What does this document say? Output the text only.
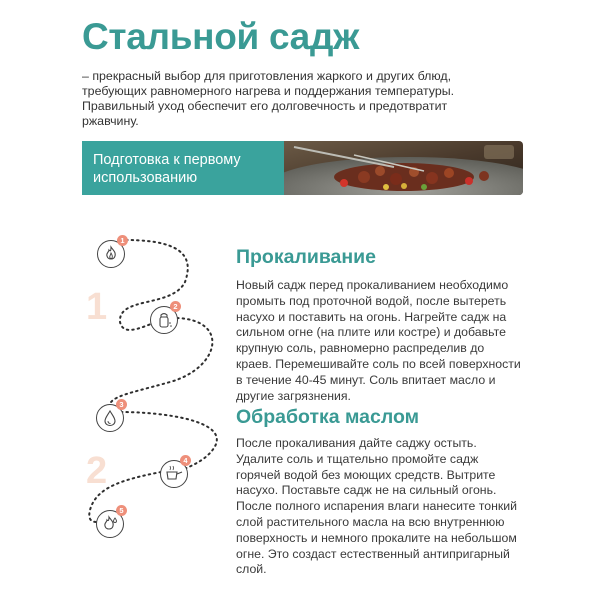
Стальной садж

– прекрасный выбор для приготовления жаркого и других блюд, требующих равномерного нагрева и поддержания температуры. Правильный уход обеспечит его долговечность и предотвратит ржавчину.

Подготовка к первому использованию

1

2

1
2
3
4
5
Прокаливание

Новый садж перед прокаливанием необходимо промыть под проточной водой, после вытереть насухо и поставить на огонь. Нагрейте садж на сильном огне (на плите или костре) и добавьте крупную соль, равномерно распределив до краев. Перемешивайте соль по всей поверхности в течение 40-45 минут. Соль впитает масло и другие загрязнения.

Обработка маслом

После прокаливания дайте саджу остыть. Удалите соль и тщательно промойте садж горячей водой без моющих средств. Вытрите насухо. Поставьте садж не на сильный огонь. После полного испарения влаги нанесите тонкий слой растительного масла на всю внутреннюю поверхность и немного прокалите на небольшом огне. Это создаст естественный антипригарный слой.
